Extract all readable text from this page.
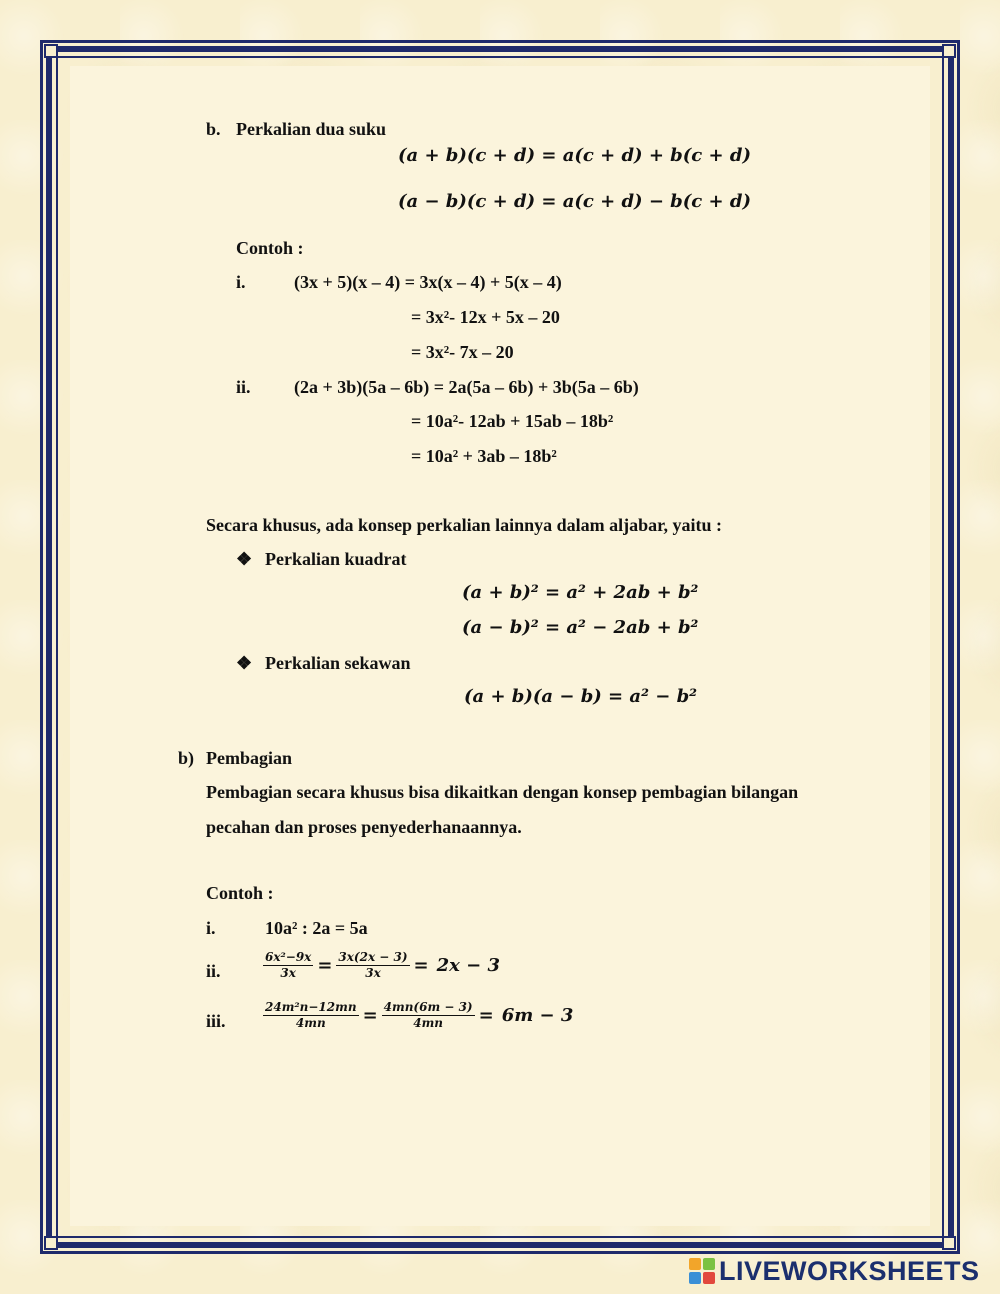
b. Perkalian dua suku
(a + b)(c + d) = a(c + d) + b(c + d)
(a − b)(c + d) = a(c + d) − b(c + d)
Contoh :
i.	(3x + 5)(x – 4) = 3x(x – 4) + 5(x – 4)
= 3x²- 12x + 5x – 20
= 3x²- 7x – 20
ii. (2a + 3b)(5a – 6b) = 2a(5a – 6b) + 3b(5a – 6b)
= 10a²- 12ab + 15ab – 18b²
= 10a² + 3ab – 18b²
Secara khusus, ada konsep perkalian lainnya dalam aljabar, yaitu :
❖ Perkalian kuadrat
(a + b)² = a² + 2ab + b²
(a − b)² = a² − 2ab + b²
❖ Perkalian sekawan
(a + b)(a − b) = a² − b²
b) Pembagian
Pembagian secara khusus bisa dikaitkan dengan konsep pembagian bilangan
pecahan dan proses penyederhanaannya.
Contoh :
i.	10a² : 2a = 5a
ii.	$\frac{\text{6x²−9x}}{3x} = \frac{3x(2x - 3)}{3x} = 2x - 3$
iii.	$\frac{\text{24m²n−12mn}}{4mn} = \frac{4mn(6m - 3)}{4mn} = 6m - 3$
LIVEWORKSHEETS
